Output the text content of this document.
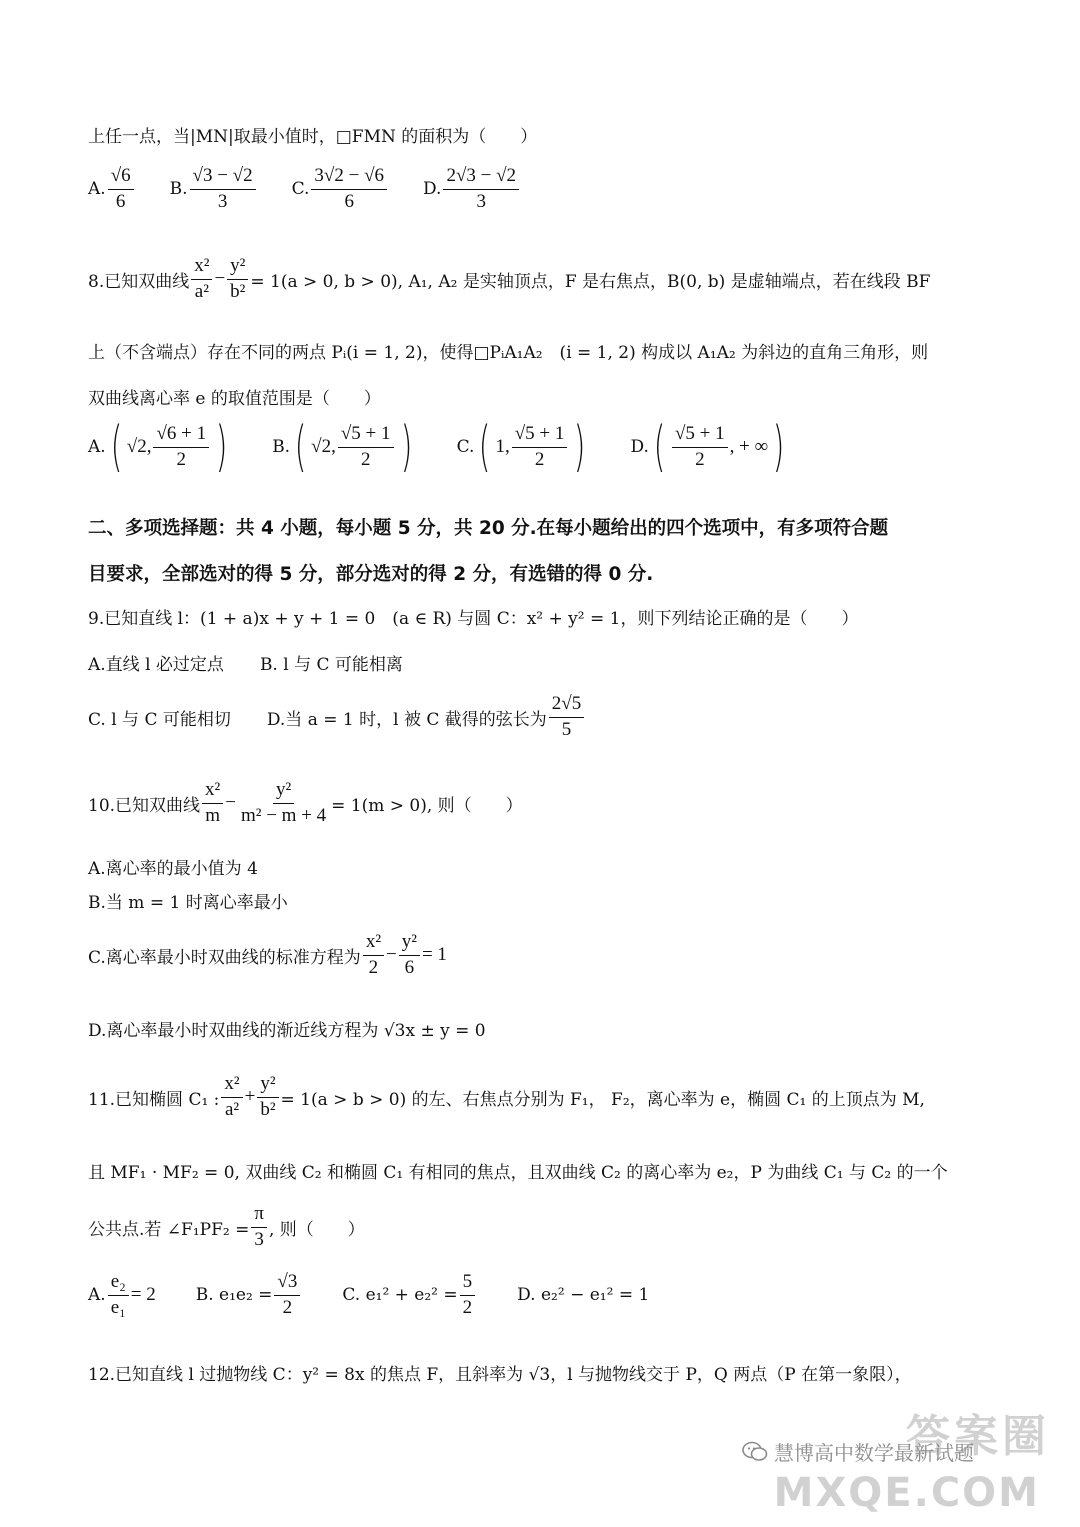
上任一点，当|MN|取最小值时，□FMN 的面积为（　　）
A. $\frac{√6}{6} B$. $\frac{√3 - √2}{3} C$. $\frac{3√2 - √6}{6} D$. $\frac{2√3 - √2}{3}$
8.已知双曲线 $\frac{\text{x²}}{\text{a²}} - \frac{\text{y²}}{\text{b²}} = 1(a > 0$, b > 0), A₁, A₂ 是实轴顶点，F 是右焦点，B(0, b) 是虚轴端点，若在线段 BF
上（不含端点）存在不同的两点 Pᵢ(i = 1, 2)，使得□PᵢA₁A₂　(i = 1, 2) 构成以 A₁A₂ 为斜边的直角三角形，则
双曲线离心率 e 的取值范围是（　　）
A. ( √2, $\frac{√6 + 1}{2}$ )	B. ( √2, $\frac{√5 + 1}{2}$ )	C. ( 1, $\frac{√5 + 1}{2}$ )	D. ( $\frac{√5 + 1}{2}$ , + ∞ )
二、多项选择题：共 4 小题，每小题 5 分，共 20 分.在每小题给出的四个选项中，有多项符合题
目要求，全部选对的得 5 分，部分选对的得 2 分，有选错的得 0 分.
9.已知直线 l：(1 + a)x + y + 1 = 0　(a ∈ R) 与圆 C：x² + y² = 1，则下列结论正确的是（　　）
A.直线 l 必过定点 B. l 与 C 可能相离
C. l 与 C 可能相切 D.当 a = 1 时，l 被 C 截得的弦长为 $\frac{2√5}{5}$
10.已知双曲线 $\frac{\text{x²}}{m} - \frac{\text{y²}}{\text{m² − m + 4}} = 1(m > 0)$, 则（　　）
A.离心率的最小值为 4
B.当 m = 1 时离心率最小
C.离心率最小时双曲线的标准方程为 $\frac{\text{x²}}{2} - \frac{\text{y²}}{6} = 1$
D.离心率最小时双曲线的渐近线方程为 √3x ± y = 0
11.已知椭圆 C₁ : $\frac{\text{x²}}{\text{a²}} + \frac{\text{y²}}{\text{b²}} = 1(a > b > 0)$ 的左、右焦点分别为 F₁， F₂，离心率为 e，椭圆 C₁ 的上顶点为 M,
且 MF₁ · MF₂ = 0, 双曲线 C₂ 和椭圆 C₁ 有相同的焦点，且双曲线 C₂ 的离心率为 e₂，P 为曲线 C₁ 与 C₂ 的一个
公共点.若 ∠F₁PF₂ = $\frac{\pi}{3}$ , 则（　　）
A. $\frac{\text{e₂}}{\text{e₁}} = 2$ B. $e_1e_2 = \frac{√3}{2} C$. $e_1^2 + e_2^2 = \frac{5}{2} D$. e₂² − e₁² = 1
12.已知直线 l 过抛物线 C：y² = 8x 的焦点 F，且斜率为 √3，l 与抛物线交于 P，Q 两点（P 在第一象限），
答案圈
MXQE.COM
慧博高中数学最新试题
